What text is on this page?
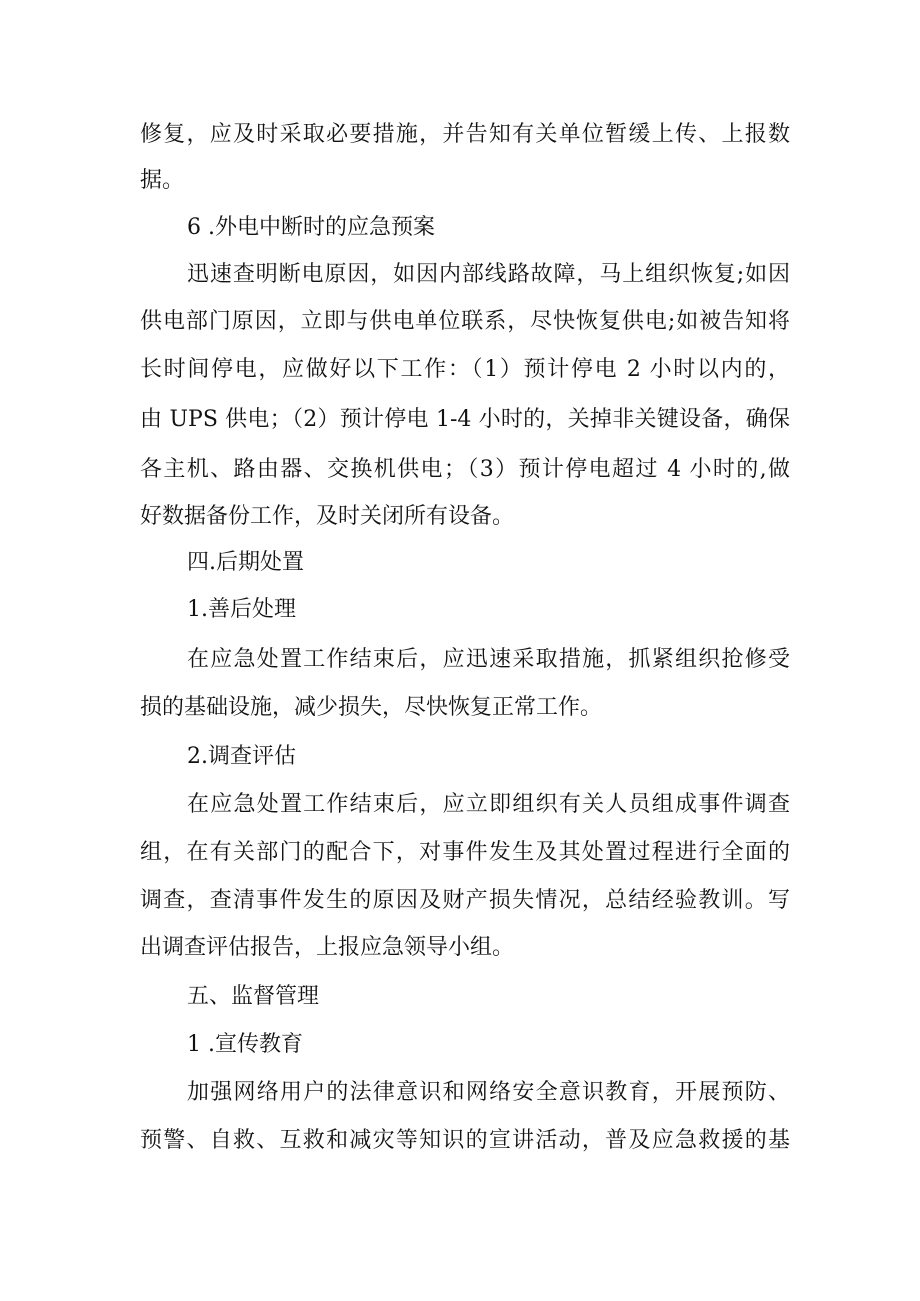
修复，应及时采取必要措施，并告知有关单位暂缓上传、上报数
据。
6 .外电中断时的应急预案
迅速查明断电原因，如因内部线路故障，马上组织恢复;如因
供电部门原因，立即与供电单位联系，尽快恢复供电;如被告知将
长时间停电，应做好以下工作：（1）预计停电 2 小时以内的，
由 UPS 供电；（2）预计停电 1-4 小时的，关掉非关键设备，确保
各主机、路由器、交换机供电；（3）预计停电超过 4 小时的,做
好数据备份工作，及时关闭所有设备。
四.后期处置
1.善后处理
在应急处置工作结束后，应迅速采取措施，抓紧组织抢修受
损的基础设施，减少损失，尽快恢复正常工作。
2.调查评估
在应急处置工作结束后，应立即组织有关人员组成事件调查
组，在有关部门的配合下，对事件发生及其处置过程进行全面的
调查，查清事件发生的原因及财产损失情况，总结经验教训。写
出调查评估报告，上报应急领导小组。
五、监督管理
1 .宣传教育
加强网络用户的法律意识和网络安全意识教育，开展预防、
预警、自救、互救和减灾等知识的宣讲活动，普及应急救援的基
